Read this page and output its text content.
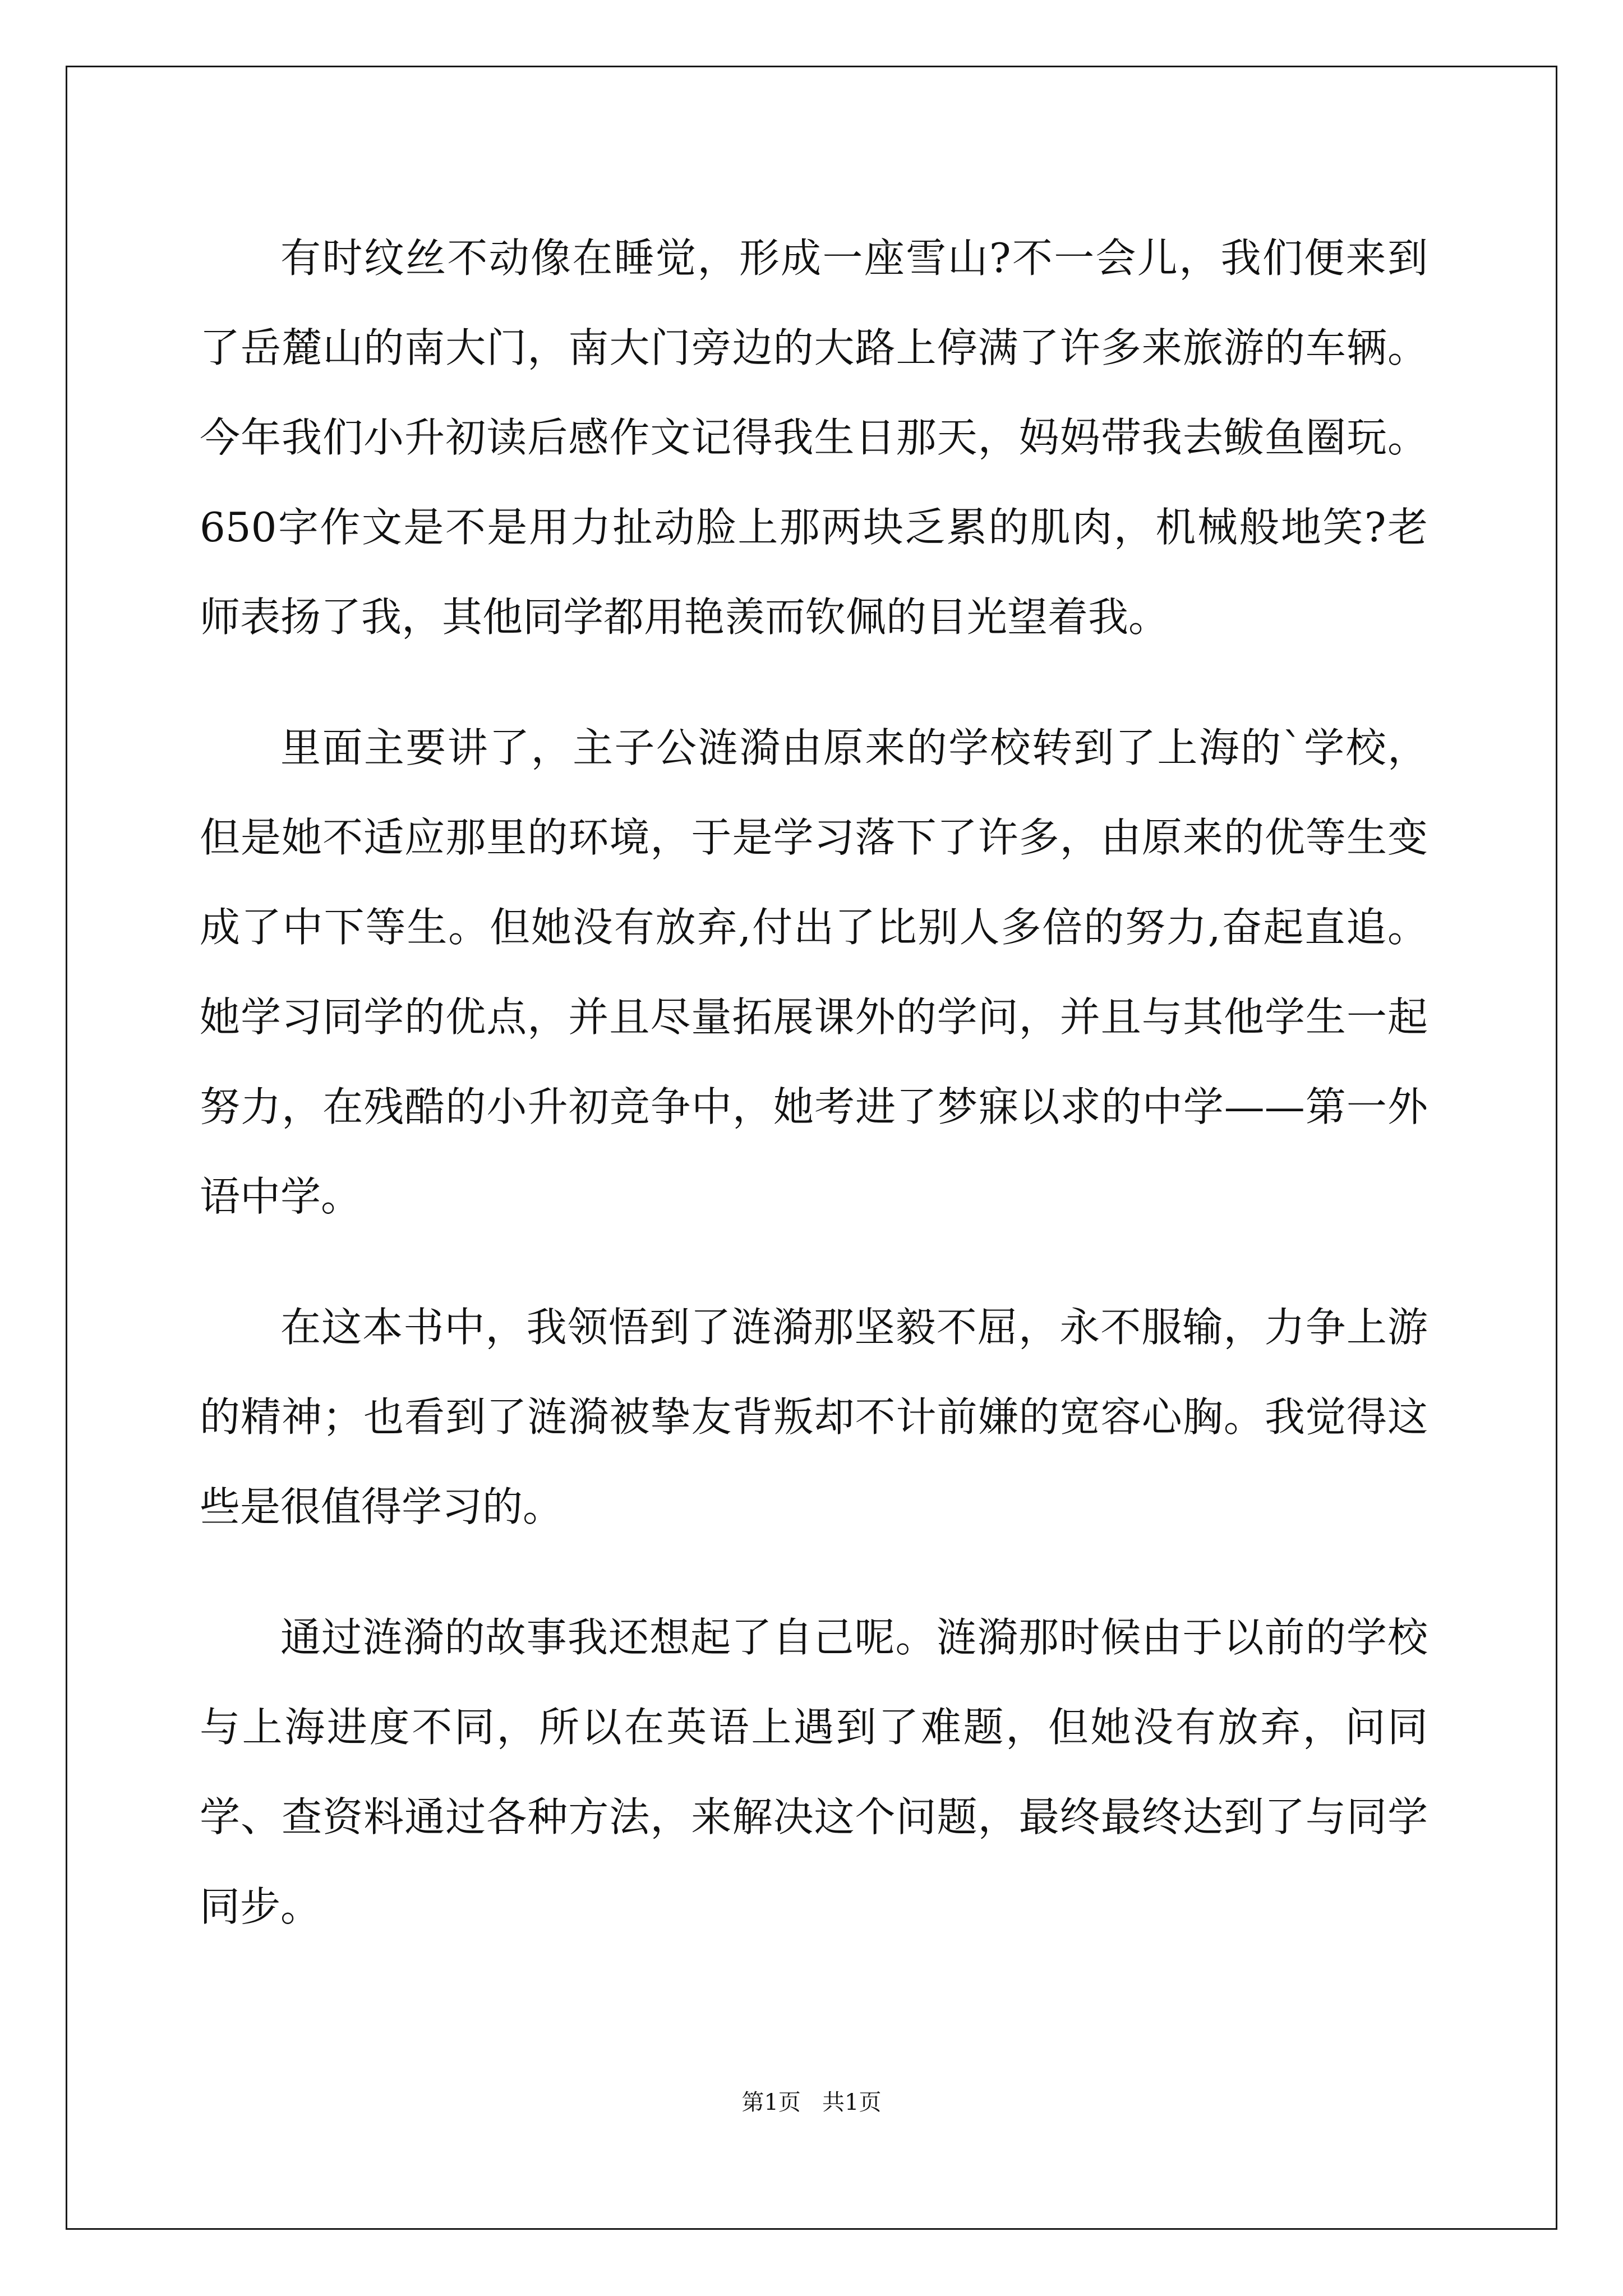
有时纹丝不动像在睡觉，形成一座雪山?不一会儿，我们便来到了岳麓山的南大门，南大门旁边的大路上停满了许多来旅游的车辆。今年我们小升初读后感作文记得我生日那天，妈妈带我去鲅鱼圈玩。650字作文是不是用力扯动脸上那两块乏累的肌肉，机械般地笑?老师表扬了我，其他同学都用艳羡而钦佩的目光望着我。

里面主要讲了，主子公涟漪由原来的学校转到了上海的`学校，但是她不适应那里的环境，于是学习落下了许多，由原来的优等生变成了中下等生。但她没有放弃,付出了比别人多倍的努力,奋起直追。她学习同学的优点，并且尽量拓展课外的学问，并且与其他学生一起努力，在残酷的小升初竞争中，她考进了梦寐以求的中学——第一外语中学。

在这本书中，我领悟到了涟漪那坚毅不屈，永不服输，力争上游的精神；也看到了涟漪被挚友背叛却不计前嫌的宽容心胸。我觉得这些是很值得学习的。

通过涟漪的故事我还想起了自己呢。涟漪那时候由于以前的学校与上海进度不同，所以在英语上遇到了难题，但她没有放弃，问同学、查资料通过各种方法，来解决这个问题，最终最终达到了与同学同步。

第1页   共1页
